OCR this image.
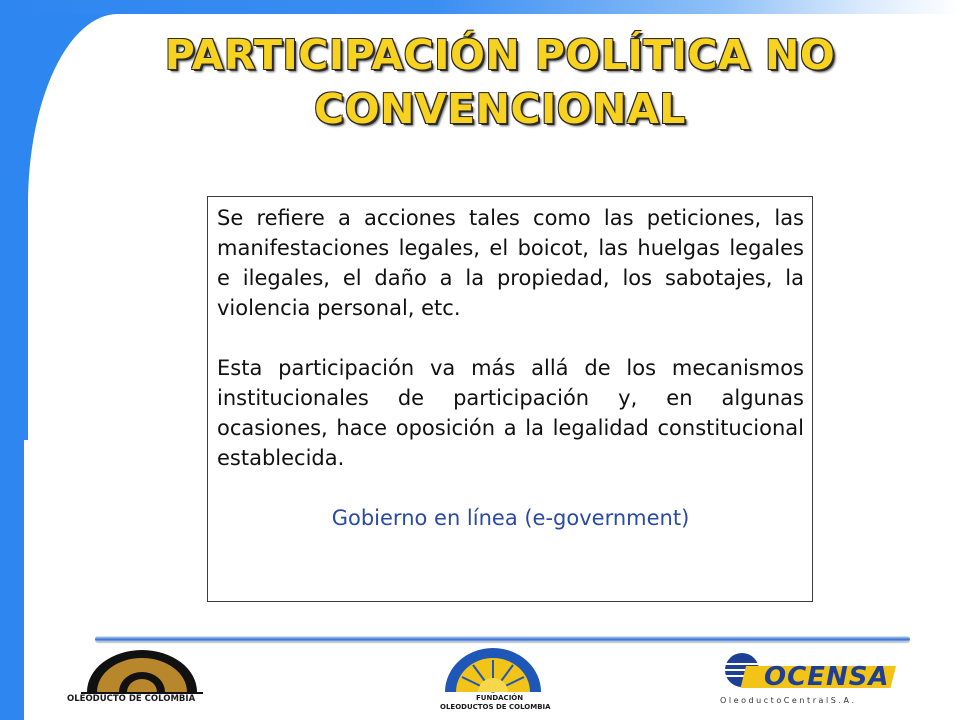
PARTICIPACIÓN POLÍTICA NO
CONVENCIONAL

Se refiere a acciones tales como las peticiones, las manifestaciones legales, el boicot, las huelgas legales e ilegales, el daño a la propiedad, los sabotajes, la violencia personal, etc.

Esta participación va más allá de los mecanismos institucionales de participación y, en algunas ocasiones, hace oposición a la legalidad constitucional establecida.

Gobierno en línea (e-government)
OLEODUCTO DE COLOMBIA	FUNDACIÓN
OLEODUCTOS DE COLOMBIA
OCENSA
O l e o d u c t o C e n t r a l S . A .
